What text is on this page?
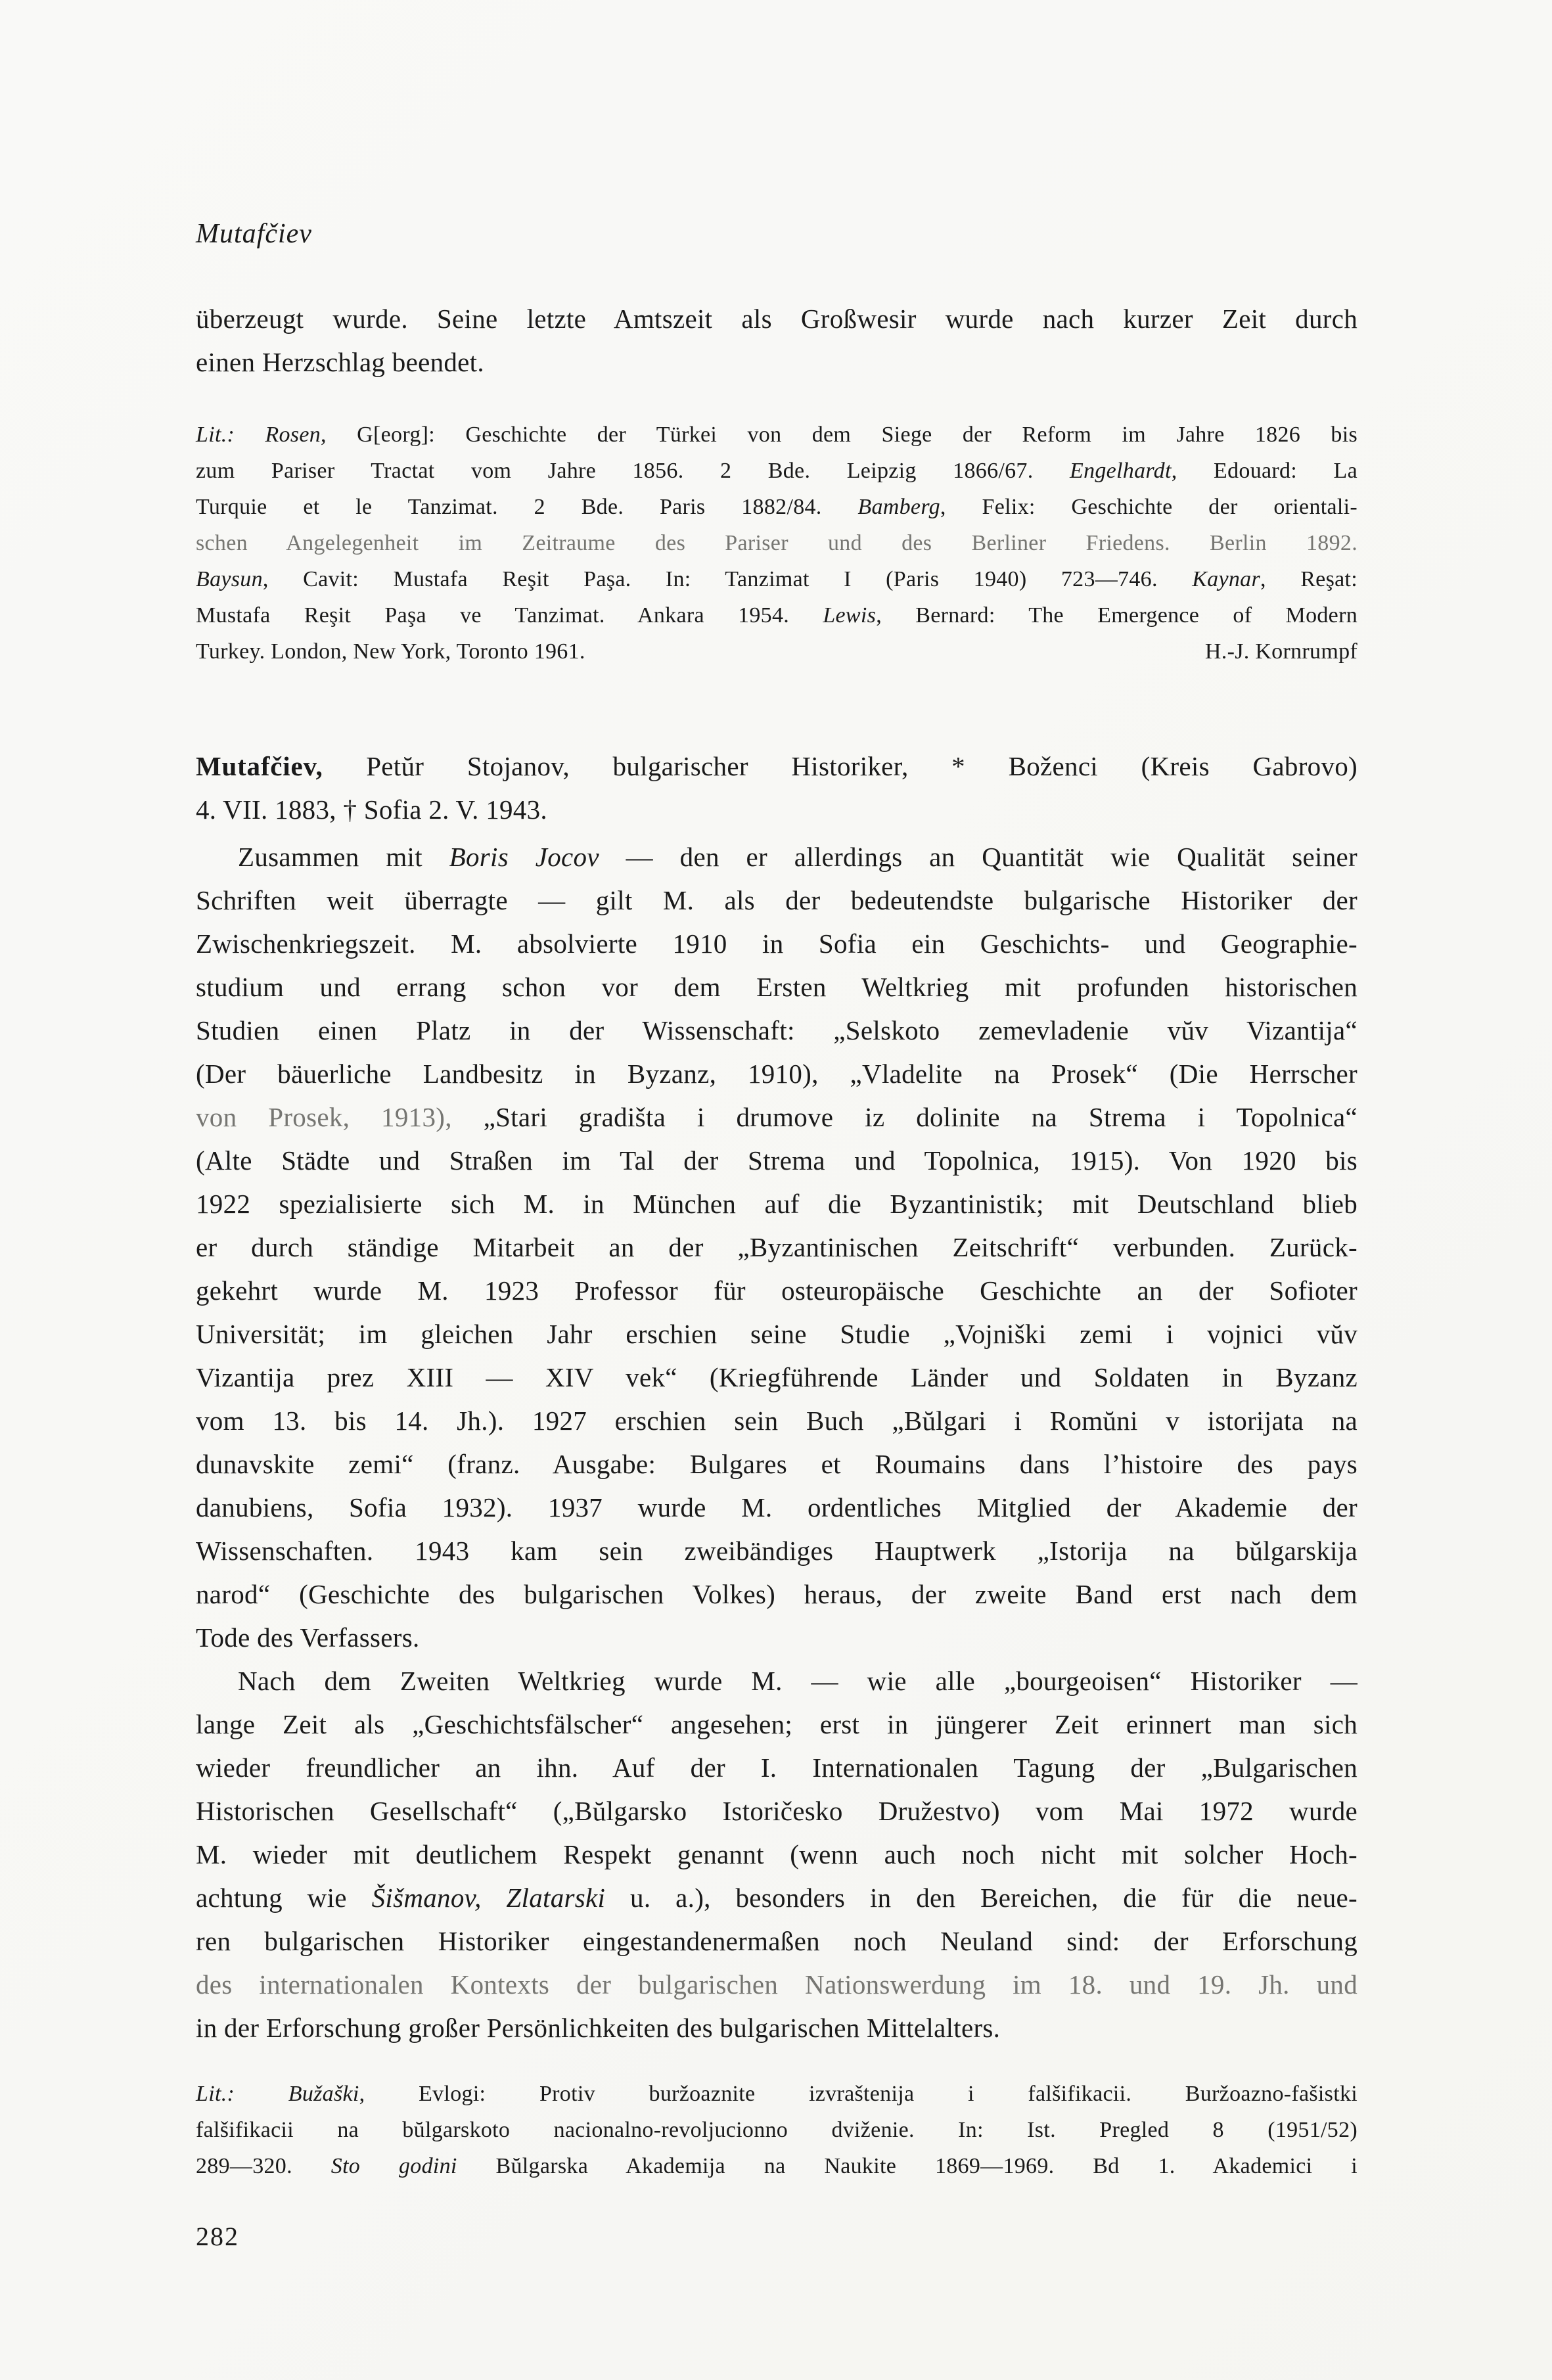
Mutafčiev
überzeugt wurde. Seine letzte Amtszeit als Großwesir wurde nach kurzer Zeit durch
einen Herzschlag beendet.
Lit.: Rosen, G[eorg]: Geschichte der Türkei von dem Siege der Reform im Jahre 1826 bis
zum Pariser Tractat vom Jahre 1856. 2 Bde. Leipzig 1866/67. Engelhardt, Edouard: La
Turquie et le Tanzimat. 2 Bde. Paris 1882/84. Bamberg, Felix: Geschichte der orientali-
schen Angelegenheit im Zeitraume des Pariser und des Berliner Friedens. Berlin 1892.
Baysun, Cavit: Mustafa Reşit Paşa. In: Tanzimat I (Paris 1940) 723—746. Kaynar, Reşat:
Mustafa Reşit Paşa ve Tanzimat. Ankara 1954. Lewis, Bernard: The Emergence of Modern
H.-J. Kornrumpf
Turkey. London, New York, Toronto 1961.
Mutafčiev, Petŭr Stojanov, bulgarischer Historiker, * Boženci (Kreis Gabrovo)
4. VII. 1883, † Sofia 2. V. 1943.
Zusammen mit Boris Jocov — den er allerdings an Quantität wie Qualität seiner
Schriften weit überragte — gilt M. als der bedeutendste bulgarische Historiker der
Zwischenkriegszeit. M. absolvierte 1910 in Sofia ein Geschichts- und Geographie-
studium und errang schon vor dem Ersten Weltkrieg mit profunden historischen
Studien einen Platz in der Wissenschaft: „Selskoto zemevladenie vŭv Vizantija“
(Der bäuerliche Landbesitz in Byzanz, 1910), „Vladelite na Prosek“ (Die Herrscher
von Prosek, 1913), „Stari gradišta i drumove iz dolinite na Strema i Topolnica“
(Alte Städte und Straßen im Tal der Strema und Topolnica, 1915). Von 1920 bis
1922 spezialisierte sich M. in München auf die Byzantinistik; mit Deutschland blieb
er durch ständige Mitarbeit an der „Byzantinischen Zeitschrift“ verbunden. Zurück-
gekehrt wurde M. 1923 Professor für osteuropäische Geschichte an der Sofioter
Universität; im gleichen Jahr erschien seine Studie „Vojniški zemi i vojnici vŭv
Vizantija prez XIII — XIV vek“ (Kriegführende Länder und Soldaten in Byzanz
vom 13. bis 14. Jh.). 1927 erschien sein Buch „Bŭlgari i Romŭni v istorijata na
dunavskite zemi“ (franz. Ausgabe: Bulgares et Roumains dans l’histoire des pays
danubiens, Sofia 1932). 1937 wurde M. ordentliches Mitglied der Akademie der
Wissenschaften. 1943 kam sein zweibändiges Hauptwerk „Istorija na bŭlgarskija
narod“ (Geschichte des bulgarischen Volkes) heraus, der zweite Band erst nach dem
Tode des Verfassers.
Nach dem Zweiten Weltkrieg wurde M. — wie alle „bourgeoisen“ Historiker —
lange Zeit als „Geschichtsfälscher“ angesehen; erst in jüngerer Zeit erinnert man sich
wieder freundlicher an ihn. Auf der I. Internationalen Tagung der „Bulgarischen
Historischen Gesellschaft“ („Bŭlgarsko Istoričesko Družestvo) vom Mai 1972 wurde
M. wieder mit deutlichem Respekt genannt (wenn auch noch nicht mit solcher Hoch-
achtung wie Šišmanov, Zlatarski u. a.), besonders in den Bereichen, die für die neue-
ren bulgarischen Historiker eingestandenermaßen noch Neuland sind: der Erforschung
des internationalen Kontexts der bulgarischen Nationswerdung im 18. und 19. Jh. und
in der Erforschung großer Persönlichkeiten des bulgarischen Mittelalters.
Lit.: Bužaški, Evlogi: Protiv buržoaznite izvraštenija i falšifikacii. Buržoazno-fašistki
falšifikacii na bŭlgarskoto nacionalno-revoljucionno dviženie. In: Ist. Pregled 8 (1951/52)
289—320. Sto godini Bŭlgarska Akademija na Naukite 1869—1969. Bd 1. Akademici i
282
